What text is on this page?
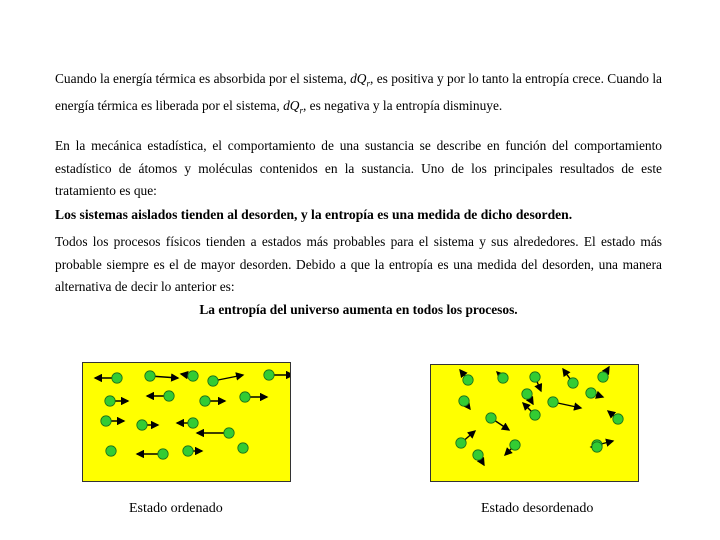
Cuando la energía térmica es absorbida por el sistema, $dQ_r$, es positiva y por lo tanto la entropía crece. Cuando la energía térmica es liberada por el sistema, $dQ_r$, es negativa y la entropía disminuye.

En la mecánica estadística, el comportamiento de una sustancia se describe en función del comportamiento estadístico de átomos y moléculas contenidos en la sustancia. Uno de los principales resultados de este tratamiento es que:

Los sistemas aislados tienden al desorden, y la entropía es una medida de dicho desorden.

Todos los procesos físicos tienden a estados más probables para el sistema y sus alrededores. El estado más probable siempre es el de mayor desorden. Debido a que la entropía es una medida del desorden, una manera alternativa de decir lo anterior es:

La entropía del universo aumenta en todos los procesos.

Estado ordenado	Estado desordenado
